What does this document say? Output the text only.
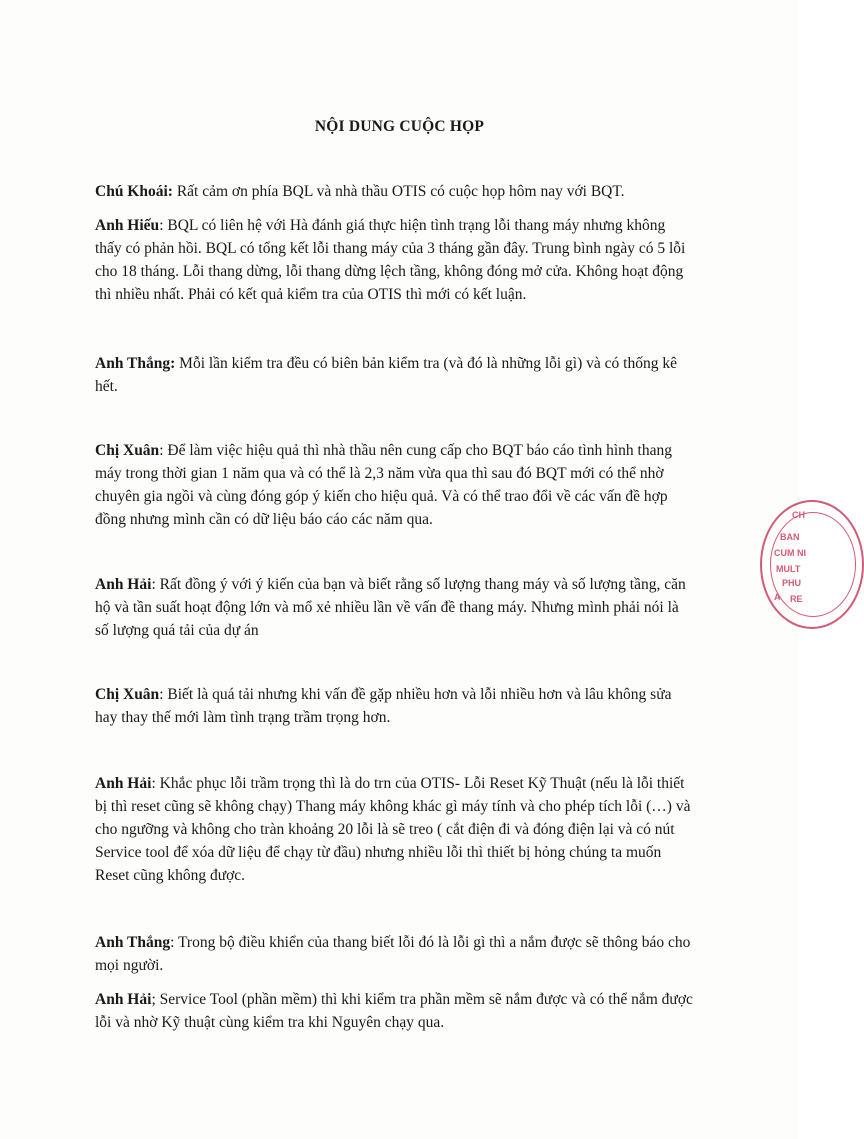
NỘI DUNG CUỘC HỌP

Chú Khoái: Rất cảm ơn phía BQL và nhà thầu OTIS có cuộc họp hôm nay với BQT.

Anh Hiếu: BQL có liên hệ với Hà đánh giá thực hiện tình trạng lỗi thang máy nhưng không thấy có phản hồi. BQL có tổng kết lỗi thang máy của 3 tháng gần đây. Trung bình ngày có 5 lỗi cho 18 tháng. Lỗi thang dừng, lỗi thang dừng lệch tầng, không đóng mở cửa. Không hoạt động thì nhiều nhất. Phải có kết quả kiểm tra của OTIS thì mới có kết luận.

Anh Thắng: Mỗi lần kiểm tra đều có biên bản kiểm tra (và đó là những lỗi gì) và có thống kê hết.

Chị Xuân: Để làm việc hiệu quả thì nhà thầu nên cung cấp cho BQT báo cáo tình hình thang máy trong thời gian 1 năm qua và có thể là 2,3 năm vừa qua thì sau đó BQT mới có thể nhờ chuyên gia ngồi và cùng đóng góp ý kiến cho hiệu quả. Và có thể trao đổi về các vấn đề hợp đồng nhưng mình cần có dữ liệu báo cáo các năm qua.

Anh Hải: Rất đồng ý với ý kiến của bạn và biết rằng số lượng thang máy và số lượng tầng, căn hộ và tần suất hoạt động lớn và mổ xẻ nhiều lần về vấn đề thang máy. Nhưng mình phải nói là số lượng quá tải của dự án

Chị Xuân: Biết là quá tải nhưng khi vấn đề gặp nhiều hơn và lỗi nhiều hơn và lâu không sửa hay thay thế mới làm tình trạng trầm trọng hơn.

Anh Hải: Khắc phục lỗi trầm trọng thì là do trn của OTIS- Lỗi Reset Kỹ Thuật (nếu là lỗi thiết bị thì reset cũng sẽ không chạy) Thang máy không khác gì máy tính và cho phép tích lỗi (…) và cho ngưỡng và không cho tràn khoảng 20 lỗi là sẽ treo ( cắt điện đi và đóng điện lại và có nút Service tool để xóa dữ liệu để chạy từ đầu) nhưng nhiều lỗi thì thiết bị hỏng chúng ta muốn Reset cũng không được.

Anh Thắng: Trong bộ điều khiển của thang biết lỗi đó là lỗi gì thì a nắm được sẽ thông báo cho mọi người.

Anh Hải; Service Tool (phần mềm) thì khi kiểm tra phần mềm sẽ nắm được và có thể nắm được lỗi và nhờ Kỹ thuật cùng kiểm tra khi Nguyên chạy qua.

CH
BAN
CUM NI
MULT
PHU
A RE
